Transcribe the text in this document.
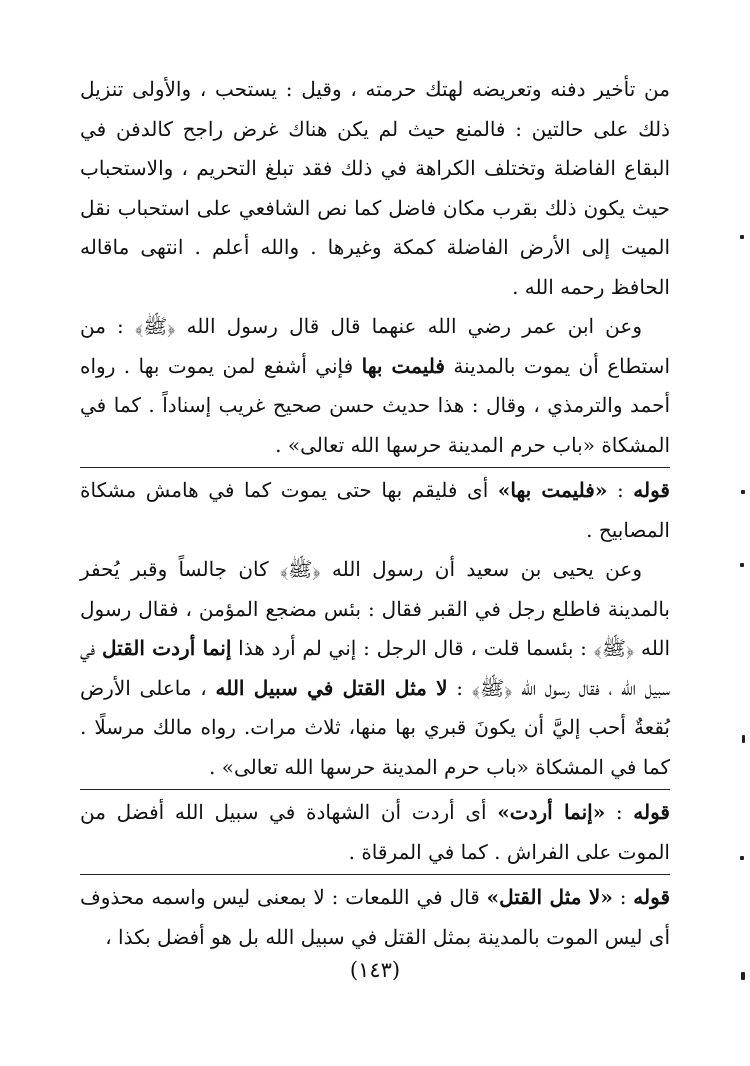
من تأخير دفنه وتعريضه لهتك حرمته ، وقيل : يستحب ، والأولى تنزيل ذلك على حالتين : فالمنع حيث لم يكن هناك غرض راجح كالدفن في البقاع الفاضلة وتختلف الكراهة في ذلك فقد تبلغ التحريم ، والاستحباب حيث يكون ذلك بقرب مكان فاضل كما نص الشافعي على استحباب نقل الميت إلى الأرض الفاضلة كمكة وغيرها . والله أعلم . انتهى ماقاله الحافظ رحمه الله .

وعن ابن عمر رضي الله عنهما قال قال رسول الله ﴿ﷺ﴾ : من استطاع أن يموت بالمدينة فليمت بها فإني أشفع لمن يموت بها . رواه أحمد والترمذي ، وقال : هذا حديث حسن صحيح غريب إسناداً . كما في المشكاة «باب حرم المدينة حرسها الله تعالى» .

قوله : «فليمت بها» أى فليقم بها حتى يموت كما في هامش مشكاة المصابيح .

وعن يحيى بن سعيد أن رسول الله ﴿ﷺ﴾ كان جالساً وقبر يُحفر بالمدينة فاطلع رجل في القبر فقال : بئس مضجع المؤمن ، فقال رسول الله ﴿ﷺ﴾ : بئسما قلت ، قال الرجل : إني لم أرد هذا إنما أردت القتل في سبيل الله ، فقال رسول الله ﴿ﷺ﴾ : لا مثل القتل في سبيل الله ، ماعلى الأرض بُقعةٌ أحب إليَّ أن يكونَ قبري بها منها، ثلاث مرات. رواه مالك مرسلًا . كما في المشكاة «باب حرم المدينة حرسها الله تعالى» .

قوله : «إنما أردت» أى أردت أن الشهادة في سبيل الله أفضل من الموت على الفراش . كما في المرقاة .

قوله : «لا مثل القتل» قال في اللمعات : لا بمعنى ليس واسمه محذوف أى ليس الموت بالمدينة بمثل القتل في سبيل الله بل هو أفضل بكذا ،

(١٤٣)
